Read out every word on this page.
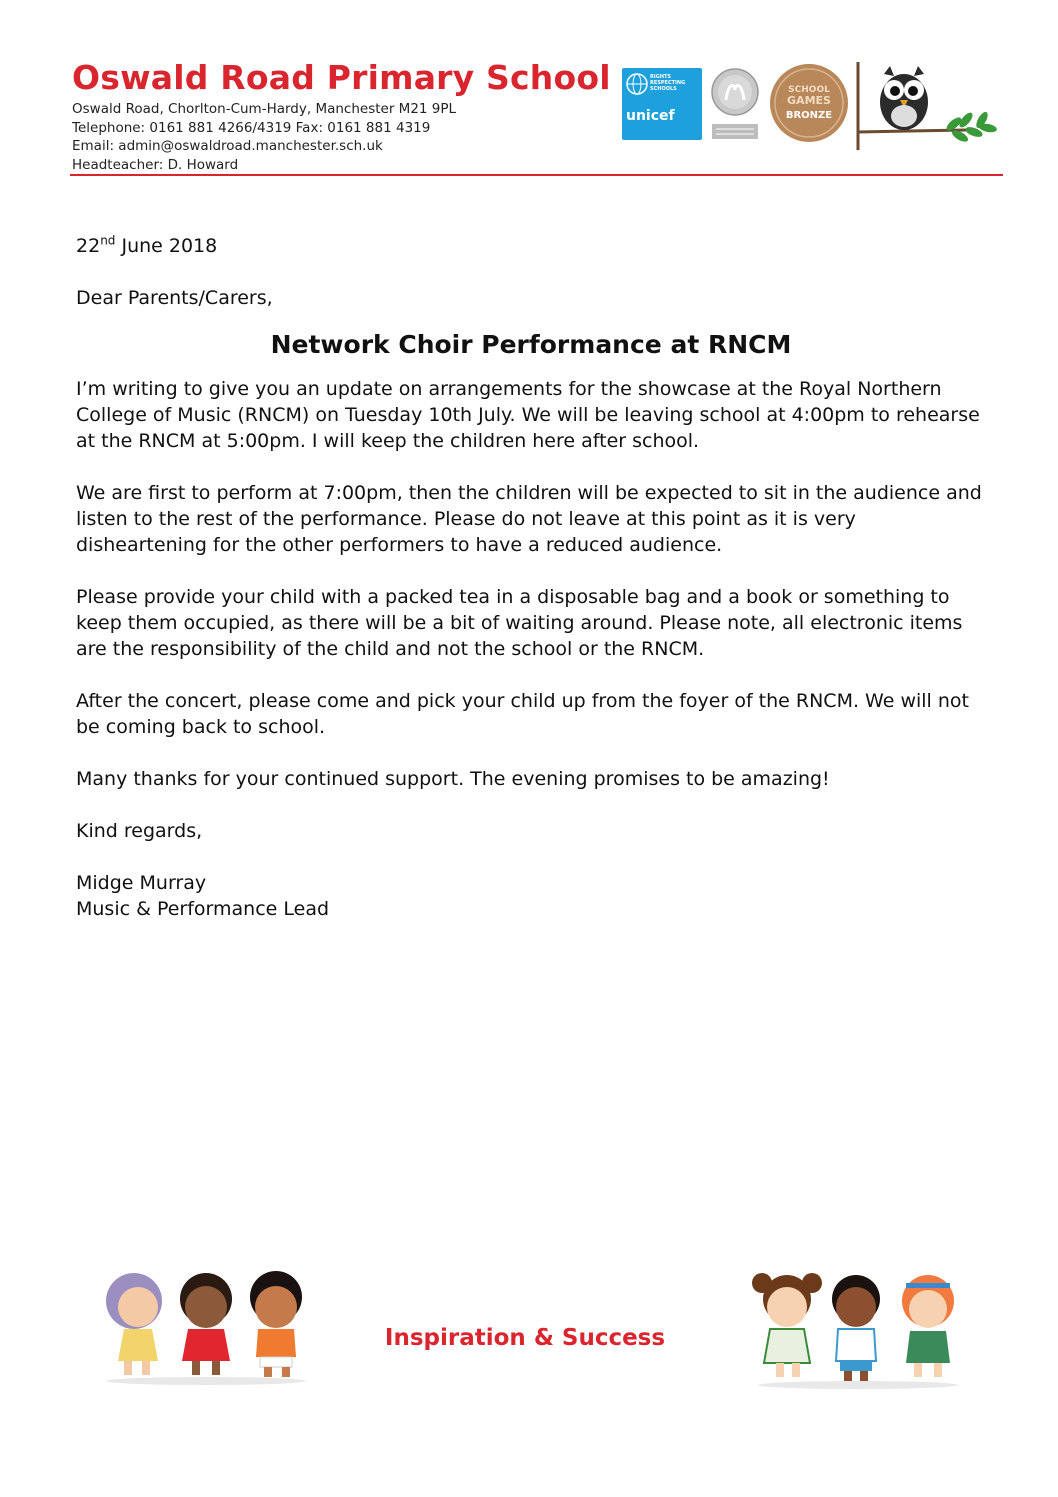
Oswald Road Primary School
Oswald Road, Chorlton-Cum-Hardy, Manchester M21 9PL
Telephone: 0161 881 4266/4319 Fax: 0161 881 4319
Email: admin@oswaldroad.manchester.sch.uk
Headteacher: D. Howard
RIGHTS RESPECTING SCHOOLS
unicef
SCHOOL
GAMES
BRONZE

22nd June 2018

Dear Parents/Carers,

Network Choir Performance at RNCM

I’m writing to give you an update on arrangements for the showcase at the Royal Northern College of Music (RNCM) on Tuesday 10th July. We will be leaving school at 4:00pm to rehearse at the RNCM at 5:00pm. I will keep the children here after school.

We are first to perform at 7:00pm, then the children will be expected to sit in the audience and listen to the rest of the performance. Please do not leave at this point as it is very disheartening for the other performers to have a reduced audience.

Please provide your child with a packed tea in a disposable bag and a book or something to keep them occupied, as there will be a bit of waiting around. Please note, all electronic items are the responsibility of the child and not the school or the RNCM.

After the concert, please come and pick your child up from the foyer of the RNCM. We will not be coming back to school.

Many thanks for your continued support. The evening promises to be amazing!

Kind regards,

Midge Murray

Music & Performance Lead

Inspiration & Success
